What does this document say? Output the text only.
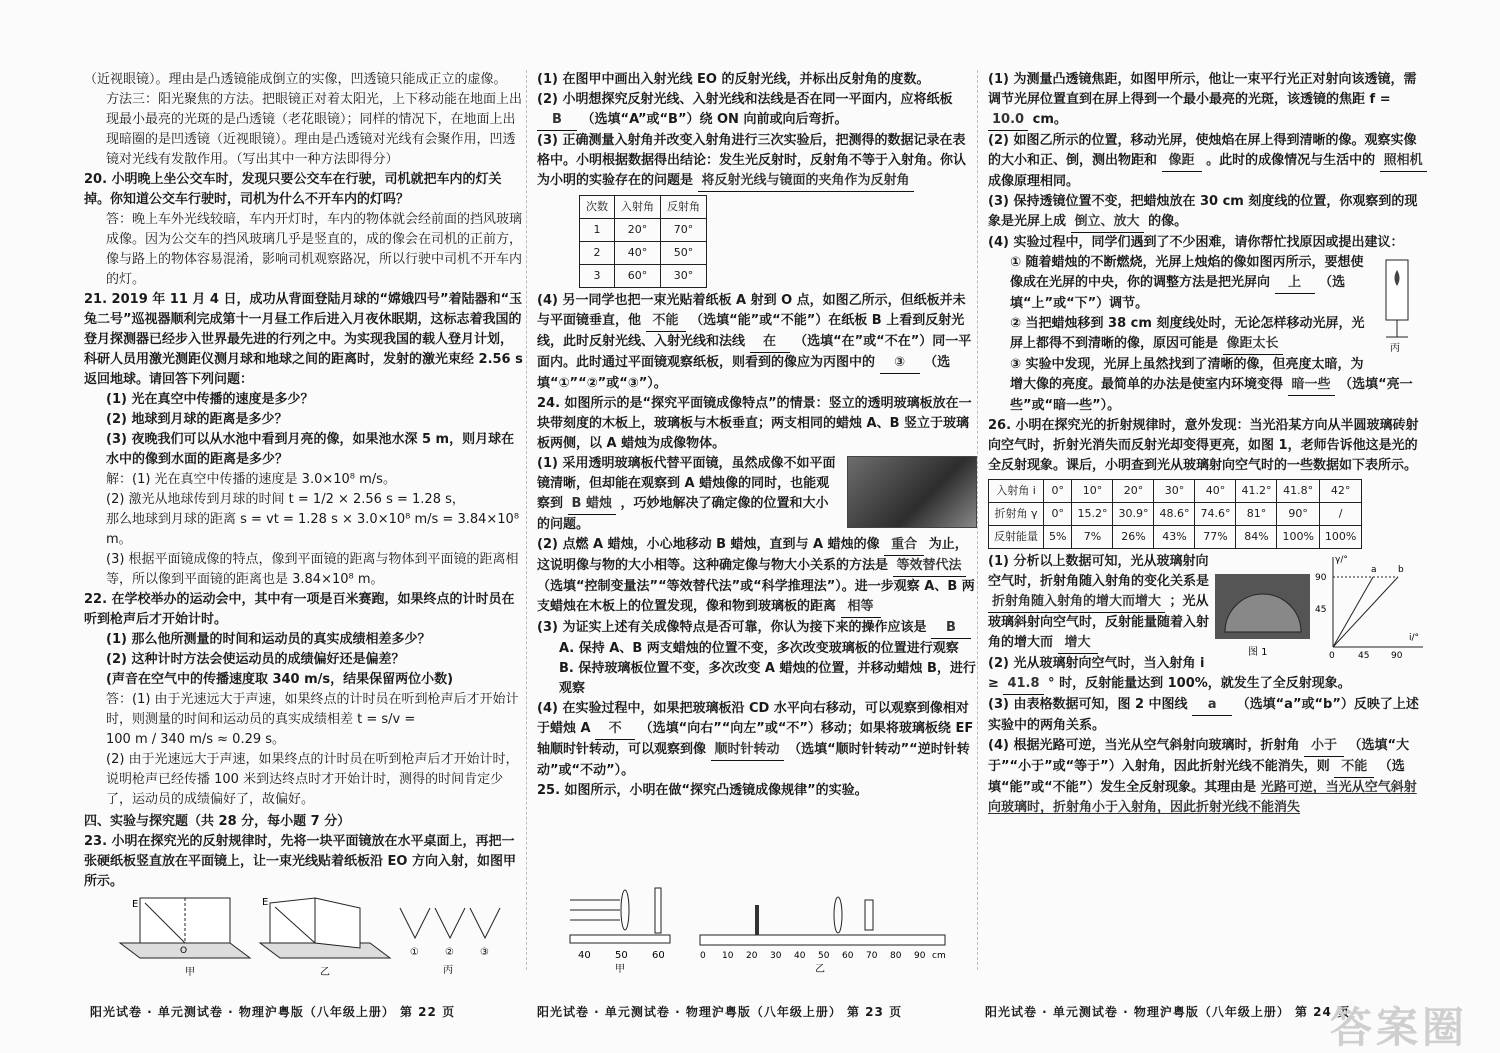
（近视眼镜）。理由是凸透镜能成倒立的实像，凹透镜只能成正立的虚像。

方法三：阳光聚焦的方法。把眼镜正对着太阳光，上下移动能在地面上出现最小最亮的光斑的是凸透镜（老花眼镜）；同样的情况下，在地面上出现暗圈的是凹透镜（近视眼镜）。理由是凸透镜对光线有会聚作用，凹透镜对光线有发散作用。（写出其中一种方法即得分）

20. 小明晚上坐公交车时，发现只要公交车在行驶，司机就把车内的灯关掉。你知道公交车行驶时，司机为什么不开车内的灯吗？

答：晚上车外光线较暗，车内开灯时，车内的物体就会经前面的挡风玻璃成像。因为公交车的挡风玻璃几乎是竖直的，成的像会在司机的正前方，像与路上的物体容易混淆，影响司机观察路况，所以行驶中司机不开车内的灯。

21. 2019 年 11 月 4 日，成功从背面登陆月球的“嫦娥四号”着陆器和“玉兔二号”巡视器顺利完成第十一月昼工作后进入月夜休眠期，这标志着我国的登月探测器已经步入世界最先进的行列之中。为实现我国的载人登月计划，科研人员用激光测距仪测月球和地球之间的距离时，发射的激光束经 2.56 s 返回地球。请回答下列问题：

(1) 光在真空中传播的速度是多少？

(2) 地球到月球的距离是多少？

(3) 夜晚我们可以从水池中看到月亮的像，如果池水深 5 m，则月球在水中的像到水面的距离是多少？

解：(1) 光在真空中传播的速度是 3.0×10⁸ m/s。

(2) 激光从地球传到月球的时间 t = 1/2 × 2.56 s = 1.28 s，

那么地球到月球的距离 s = vt = 1.28 s × 3.0×10⁸ m/s = 3.84×10⁸ m。

(3) 根据平面镜成像的特点，像到平面镜的距离与物体到平面镜的距离相等，所以像到平面镜的距离也是 3.84×10⁸ m。

22. 在学校举办的运动会中，其中有一项是百米赛跑，如果终点的计时员在听到枪声后才开始计时。

(1) 那么他所测量的时间和运动员的真实成绩相差多少？

(2) 这种计时方法会使运动员的成绩偏好还是偏差？

(声音在空气中的传播速度取 340 m/s，结果保留两位小数)

答：(1) 由于光速远大于声速，如果终点的计时员在听到枪声后才开始计时，则测量的时间和运动员的真实成绩相差 t = s/v =

100 m / 340 m/s ≈ 0.29 s。

(2) 由于光速远大于声速，如果终点的计时员在听到枪声后才开始计时，说明枪声已经传播 100 米到达终点时才开始计时，测得的时间肯定少了，运动员的成绩偏好了，故偏好。

四、实验与探究题（共 28 分，每小题 7 分）

23. 小明在探究光的反射规律时，先将一块平面镜放在水平桌面上，再把一张硬纸板竖直放在平面镜上，让一束光线贴着纸板沿 EO 方向入射，如图甲所示。

E
O
甲
E
乙
①	②	③
丙

(1) 在图甲中画出入射光线 EO 的反射光线，并标出反射角的度数。

(2) 小明想探究反射光线、入射光线和法线是否在同一平面内，应将纸板 B （选填“A”或“B”）绕 ON 向前或向后弯折。

(3) 正确测量入射角并改变入射角进行三次实验后，把测得的数据记录在表格中。小明根据数据得出结论：发生光反射时，反射角不等于入射角。你认为小明的实验存在的问题是 将反射光线与镜面的夹角作为反射角

次数	入射角	反射角
1	20°	70°
2	40°	50°
3	60°	30°

(4) 另一同学也把一束光贴着纸板 A 射到 O 点，如图乙所示，但纸板并未与平面镜垂直，他 不能 （选填“能”或“不能”）在纸板 B 上看到反射光线，此时反射光线、入射光线和法线 在 （选填“在”或“不在”）同一平面内。此时通过平面镜观察纸板，则看到的像应为丙图中的 ③ （选填“①”“②”或“③”）。

24. 如图所示的是“探究平面镜成像特点”的情景：竖立的透明玻璃板放在一块带刻度的木板上，玻璃板与木板垂直；两支相同的蜡烛 A、B 竖立于玻璃板两侧，以 A 蜡烛为成像物体。

(1) 采用透明玻璃板代替平面镜，虽然成像不如平面镜清晰，但却能在观察到 A 蜡烛像的同时，也能观察到 B 蜡烛 ，巧妙地解决了确定像的位置和大小的问题。

(2) 点燃 A 蜡烛，小心地移动 B 蜡烛，直到与 A 蜡烛的像 重合 为止，这说明像与物的大小相等。这种确定像与物大小关系的方法是 等效替代法 （选填“控制变量法”“等效替代法”或“科学推理法”）。进一步观察 A、B 两支蜡烛在木板上的位置发现，像和物到玻璃板的距离 相等

(3) 为证实上述有关成像特点是否可靠，你认为接下来的操作应该是 B

A. 保持 A、B 两支蜡烛的位置不变，多次改变玻璃板的位置进行观察

B. 保持玻璃板位置不变，多次改变 A 蜡烛的位置，并移动蜡烛 B，进行观察

(4) 在实验过程中，如果把玻璃板沿 CD 水平向右移动，可以观察到像相对于蜡烛 A 不 （选填“向右”“向左”或“不”）移动；如果将玻璃板绕 EF 轴顺时针转动，可以观察到像 顺时针转动 （选填“顺时针转动”“逆时针转动”或“不动”）。

25. 如图所示，小明在做“探究凸透镜成像规律”的实验。

40 50 60
甲
0 10 20 30 40 50 60 70 80 90 cm
乙

(1) 为测量凸透镜焦距，如图甲所示，他让一束平行光正对射向该透镜，需调节光屏位置直到在屏上得到一个最小最亮的光斑，该透镜的焦距 f = 10.0 cm。

(2) 如图乙所示的位置，移动光屏，使烛焰在屏上得到清晰的像。观察实像的大小和正、倒，测出物距和 像距 。此时的成像情况与生活中的 照相机 成像原理相同。

(3) 保持透镜位置不变，把蜡烛放在 30 cm 刻度线的位置，你观察到的现象是光屏上成 倒立、放大 的像。

(4) 实验过程中，同学们遇到了不少困难，请你帮忙找原因或提出建议：

丙

① 随着蜡烛的不断燃烧，光屏上烛焰的像如图丙所示，要想使像成在光屏的中央，你的调整方法是把光屏向 上 （选填“上”或“下”）调节。

② 当把蜡烛移到 38 cm 刻度线处时，无论怎样移动光屏，光屏上都得不到清晰的像，原因可能是 像距太长

③ 实验中发现，光屏上虽然找到了清晰的像，但亮度太暗，为增大像的亮度。最简单的办法是使室内环境变得 暗一些 （选填“亮一些”或“暗一些”）。

26. 小明在探究光的折射规律时，意外发现：当光沿某方向从半圆玻璃砖射向空气时，折射光消失而反射光却变得更亮，如图 1，老师告诉他这是光的全反射现象。课后，小明查到光从玻璃射向空气时的一些数据如下表所示。

入射角 i	0°	10°	20°	30°	40°	41.2°	41.8°	42°
折射角 γ	0°	15.2°	30.9°	48.6°	74.6°	81°	90°	/
反射能量	5%	7%	26%	43%	77%	84%	100%	100%
图 1
γ/°
i/°
90
45
0	45 90
a b

(1) 分析以上数据可知，光从玻璃射向空气时，折射角随入射角的变化关系是 折射角随入射角的增大而增大 ；光从玻璃斜射向空气时，反射能量随着入射角的增大而 增大

(2) 光从玻璃射向空气时，当入射角 i ≥ 41.8 ° 时，反射能量达到 100%，就发生了全反射现象。

(3) 由表格数据可知，图 2 中图线 a （选填“a”或“b”）反映了上述实验中的两角关系。

(4) 根据光路可逆，当光从空气斜射向玻璃时，折射角 小于 （选填“大于”“小于”或“等于”）入射角，因此折射光线不能消失，则 不能 （选填“能”或“不能”）发生全反射现象。其理由是 光路可逆，当光从空气斜射向玻璃时，折射角小于入射角，因此折射光线不能消失

阳光试卷 · 单元测试卷 · 物理沪粤版（八年级上册） 第 22 页	阳光试卷 · 单元测试卷 · 物理沪粤版（八年级上册） 第 23 页	阳光试卷 · 单元测试卷 · 物理沪粤版（八年级上册） 第 24 页
答案圈
